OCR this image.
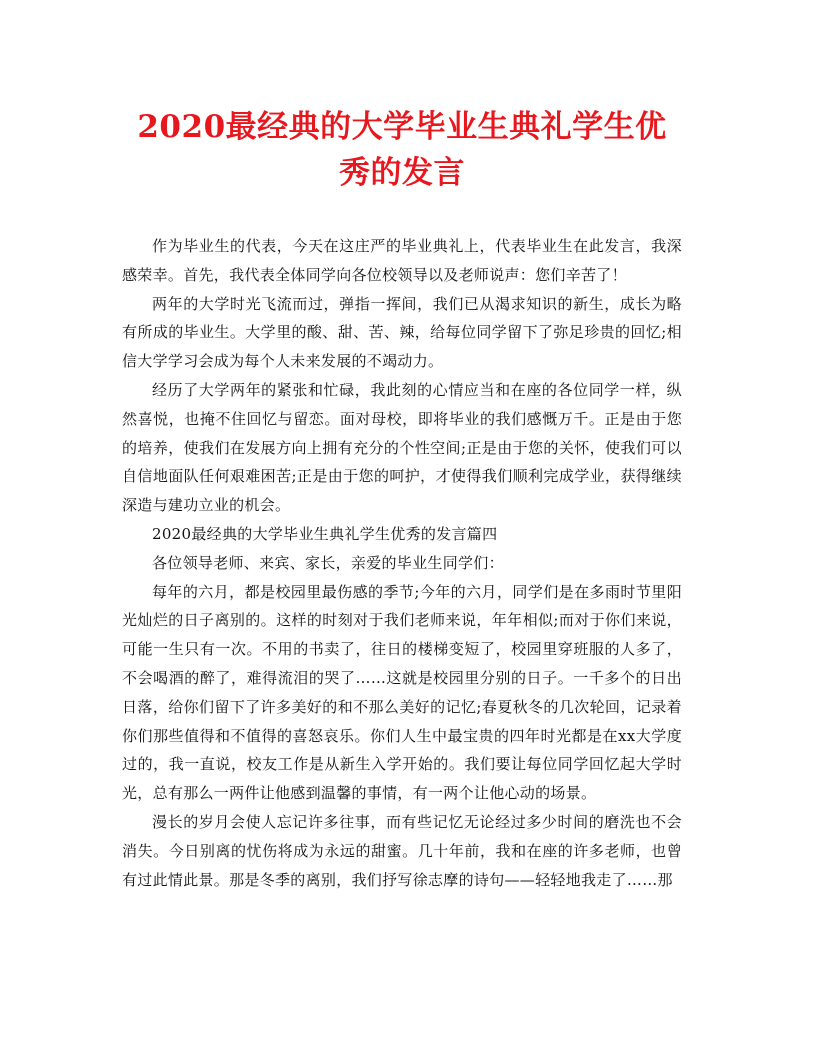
2020最经典的大学毕业生典礼学生优秀的发言

作为毕业生的代表，今天在这庄严的毕业典礼上，代表毕业生在此发言，我深感荣幸。首先，我代表全体同学向各位校领导以及老师说声：您们辛苦了！

两年的大学时光飞流而过，弹指一挥间，我们已从渴求知识的新生，成长为略有所成的毕业生。大学里的酸、甜、苦、辣，给每位同学留下了弥足珍贵的回忆;相信大学学习会成为每个人未来发展的不竭动力。

经历了大学两年的紧张和忙碌，我此刻的心情应当和在座的各位同学一样，纵然喜悦，也掩不住回忆与留恋。面对母校，即将毕业的我们感慨万千。正是由于您的培养，使我们在发展方向上拥有充分的个性空间;正是由于您的关怀，使我们可以自信地面队任何艰难困苦;正是由于您的呵护，才使得我们顺利完成学业，获得继续深造与建功立业的机会。

2020最经典的大学毕业生典礼学生优秀的发言篇四

各位领导老师、来宾、家长，亲爱的毕业生同学们：

每年的六月，都是校园里最伤感的季节;今年的六月，同学们是在多雨时节里阳光灿烂的日子离别的。这样的时刻对于我们老师来说，年年相似;而对于你们来说，可能一生只有一次。不用的书卖了，往日的楼梯变短了，校园里穿班服的人多了，不会喝酒的醉了，难得流泪的哭了……这就是校园里分别的日子。一千多个的日出日落，给你们留下了许多美好的和不那么美好的记忆;春夏秋冬的几次轮回，记录着你们那些值得和不值得的喜怒哀乐。你们人生中最宝贵的四年时光都是在xx大学度过的，我一直说，校友工作是从新生入学开始的。我们要让每位同学回忆起大学时光，总有那么一两件让他感到温馨的事情，有一两个让他心动的场景。

漫长的岁月会使人忘记许多往事，而有些记忆无论经过多少时间的磨洗也不会消失。今日别离的忧伤将成为永远的甜蜜。几十年前，我和在座的许多老师，也曾有过此情此景。那是冬季的离别，我们抒写徐志摩的诗句——轻轻地我走了……那
